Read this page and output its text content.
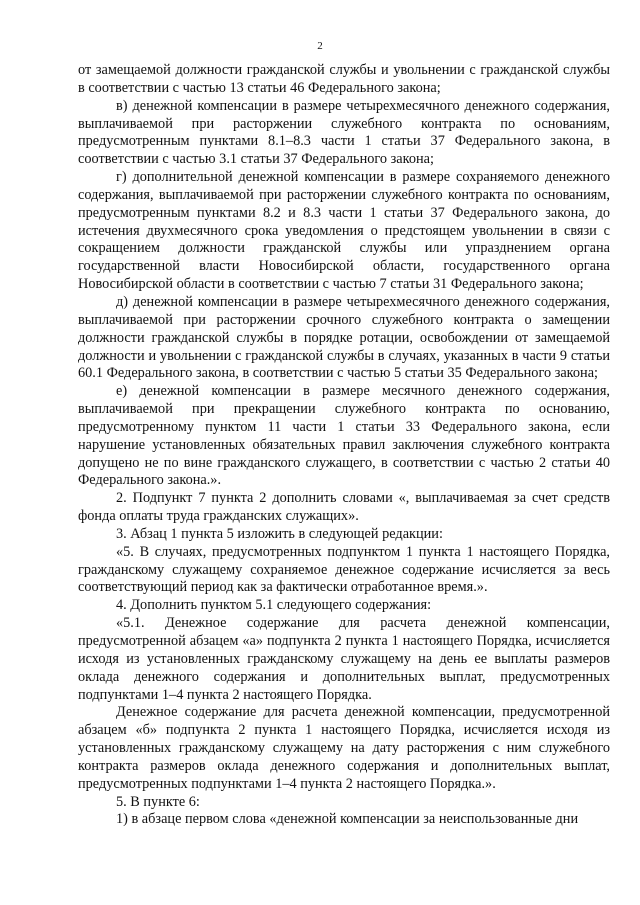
2

от замещаемой должности гражданской службы и увольнении с гражданской службы в соответствии с частью 13 статьи 46 Федерального закона;

в) денежной компенсации в размере четырехмесячного денежного содержания, выплачиваемой при расторжении служебного контракта по основаниям, предусмотренным пунктами 8.1–8.3 части 1 статьи 37 Федерального закона, в соответствии с частью 3.1 статьи 37 Федерального закона;

г) дополнительной денежной компенсации в размере сохраняемого денежного содержания, выплачиваемой при расторжении служебного контракта по основаниям, предусмотренным пунктами 8.2 и 8.3 части 1 статьи 37 Федерального закона, до истечения двухмесячного срока уведомления о предстоящем увольнении в связи с сокращением должности гражданской службы или упразднением органа государственной власти Новосибирской области, государственного органа Новосибирской области в соответствии с частью 7 статьи 31 Федерального закона;

д) денежной компенсации в размере четырехмесячного денежного содержания, выплачиваемой при расторжении срочного служебного контракта о замещении должности гражданской службы в порядке ротации, освобождении от замещаемой должности и увольнении с гражданской службы в случаях, указанных в части 9 статьи 60.1 Федерального закона, в соответствии с частью 5 статьи 35 Федерального закона;

е) денежной компенсации в размере месячного денежного содержания, выплачиваемой при прекращении служебного контракта по основанию, предусмотренному пунктом 11 части 1 статьи 33 Федерального закона, если нарушение установленных обязательных правил заключения служебного контракта допущено не по вине гражданского служащего, в соответствии с частью 2 статьи 40 Федерального закона.».

2. Подпункт 7 пункта 2 дополнить словами «, выплачиваемая за счет средств фонда оплаты труда гражданских служащих».

3. Абзац 1 пункта 5 изложить в следующей редакции:

«5. В случаях, предусмотренных подпунктом 1 пункта 1 настоящего Порядка, гражданскому служащему сохраняемое денежное содержание исчисляется за весь соответствующий период как за фактически отработанное время.».

4. Дополнить пунктом 5.1 следующего содержания:

«5.1. Денежное содержание для расчета денежной компенсации, предусмотренной абзацем «а» подпункта 2 пункта 1 настоящего Порядка, исчисляется исходя из установленных гражданскому служащему на день ее выплаты размеров оклада денежного содержания и дополнительных выплат, предусмотренных подпунктами 1–4 пункта 2 настоящего Порядка.

Денежное содержание для расчета денежной компенсации, предусмотренной абзацем «б» подпункта 2 пункта 1 настоящего Порядка, исчисляется исходя из установленных гражданскому служащему на дату расторжения с ним служебного контракта размеров оклада денежного содержания и дополнительных выплат, предусмотренных подпунктами 1–4 пункта 2 настоящего Порядка.».

5. В пункте 6:

1) в абзаце первом слова «денежной компенсации за неиспользованные дни
